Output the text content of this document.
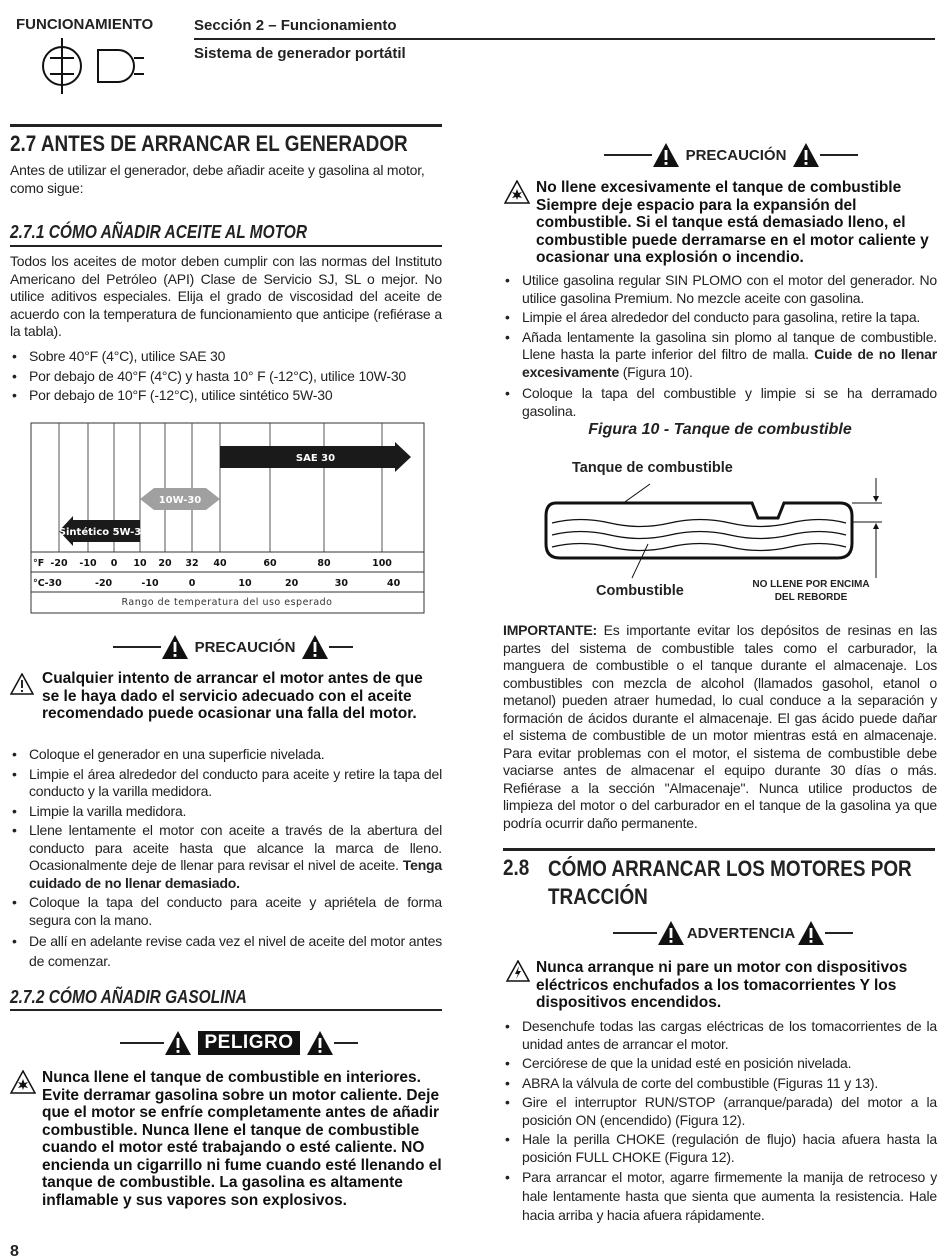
FUNCIONAMIENTO	Sección 2 – Funcionamiento
Sistema de generador portátil
2.7 ANTES DE ARRANCAR EL GENERADOR
Antes de utilizar el generador, debe añadir aceite y gasolina al motor, como sigue:
2.7.1 CÓMO AÑADIR ACEITE AL MOTOR
Todos los aceites de motor deben cumplir con las normas del Instituto Americano del Petróleo (API) Clase de Servicio SJ, SL o mejor. No utilice aditivos especiales. Elija el grado de viscosidad del aceite de acuerdo con la temperatura de funcionamiento que anticipe (refiérase a la tabla).
• Sobre 40°F (4°C), utilice SAE 30
• Por debajo de 40°F (4°C) y hasta 10° F (-12°C), utilice 10W-30
• Por debajo de 10°F (-12°C), utilice sintético 5W-30
Sintético 5W-30
10W-30
SAE 30
°F -20 -10 0 10 20 32 40	60	80	100
°C -30	-20	-10	0	10	20	30	40
Rango de temperatura del uso esperado
PRECAUCIÓN
Cualquier intento de arrancar el motor antes de que se le haya dado el servicio adecuado con el aceite recomendado puede ocasionar una falla del motor.
• Coloque el generador en una superficie nivelada.
• Limpie el área alrededor del conducto para aceite y retire la tapa del conducto y la varilla medidora.
• Limpie la varilla medidora.
• Llene lentamente el motor con aceite a través de la abertura del conducto para aceite hasta que alcance la marca de lleno. Ocasionalmente deje de llenar para revisar el nivel de aceite. Tenga cuidado de no llenar demasiado.
• Coloque la tapa del conducto para aceite y apriétela de forma segura con la mano.
• De allí en adelante revise cada vez el nivel de aceite del motor antes de comenzar.
2.7.2 CÓMO AÑADIR GASOLINA
PELIGRO
Nunca llene el tanque de combustible en interiores. Evite derramar gasolina sobre un motor caliente. Deje que el motor se enfríe completamente antes de añadir combustible. Nunca llene el tanque de combustible cuando el motor esté trabajando o esté caliente. NO encienda un cigarrillo ni fume cuando esté llenando el tanque de combustible. La gasolina es altamente inflamable y sus vapores son explosivos.
8
PRECAUCIÓN
No llene excesivamente el tanque de combustible Siempre deje espacio para la expansión del combustible. Si el tanque está demasiado lleno, el combustible puede derramarse en el motor caliente y ocasionar una explosión o incendio.
• Utilice gasolina regular SIN PLOMO con el motor del generador. No utilice gasolina Premium. No mezcle aceite con gasolina.
• Limpie el área alrededor del conducto para gasolina, retire la tapa.
• Añada lentamente la gasolina sin plomo al tanque de combustible. Llene hasta la parte inferior del filtro de malla. Cuide de no llenar excesivamente (Figura 10).
• Coloque la tapa del combustible y limpie si se ha derramado gasolina.
Figura 10 - Tanque de combustible
Tanque de combustible
Combustible	NO LLENE POR ENCIMA DEL REBORDE
IMPORTANTE: Es importante evitar los depósitos de resinas en las partes del sistema de combustible tales como el carburador, la manguera de combustible o el tanque durante el almacenaje. Los combustibles con mezcla de alcohol (llamados gasohol, etanol o metanol) pueden atraer humedad, lo cual conduce a la separación y formación de ácidos durante el almacenaje. El gas ácido puede dañar el sistema de combustible de un motor mientras está en almacenaje. Para evitar problemas con el motor, el sistema de combustible debe vaciarse antes de almacenar el equipo durante 30 días o más. Refiérase a la sección "Almacenaje". Nunca utilice productos de limpieza del motor o del carburador en el tanque de la gasolina ya que podría ocurrir daño permanente.
2.8 CÓMO ARRANCAR LOS MOTORES POR
TRACCIÓN
ADVERTENCIA
Nunca arranque ni pare un motor con dispositivos eléctricos enchufados a los tomacorrientes Y los dispositivos encendidos.
• Desenchufe todas las cargas eléctricas de los tomacorrientes de la unidad antes de arrancar el motor.
• Cerciórese de que la unidad esté en posición nivelada.
• ABRA la válvula de corte del combustible (Figuras 11 y 13).
• Gire el interruptor RUN/STOP (arranque/parada) del motor a la posición ON (encendido) (Figura 12).
• Hale la perilla CHOKE (regulación de flujo) hacia afuera hasta la posición FULL CHOKE (Figura 12).
• Para arrancar el motor, agarre firmemente la manija de retroceso y hale lentamente hasta que sienta que aumenta la resistencia. Hale hacia arriba y hacia afuera rápidamente.
